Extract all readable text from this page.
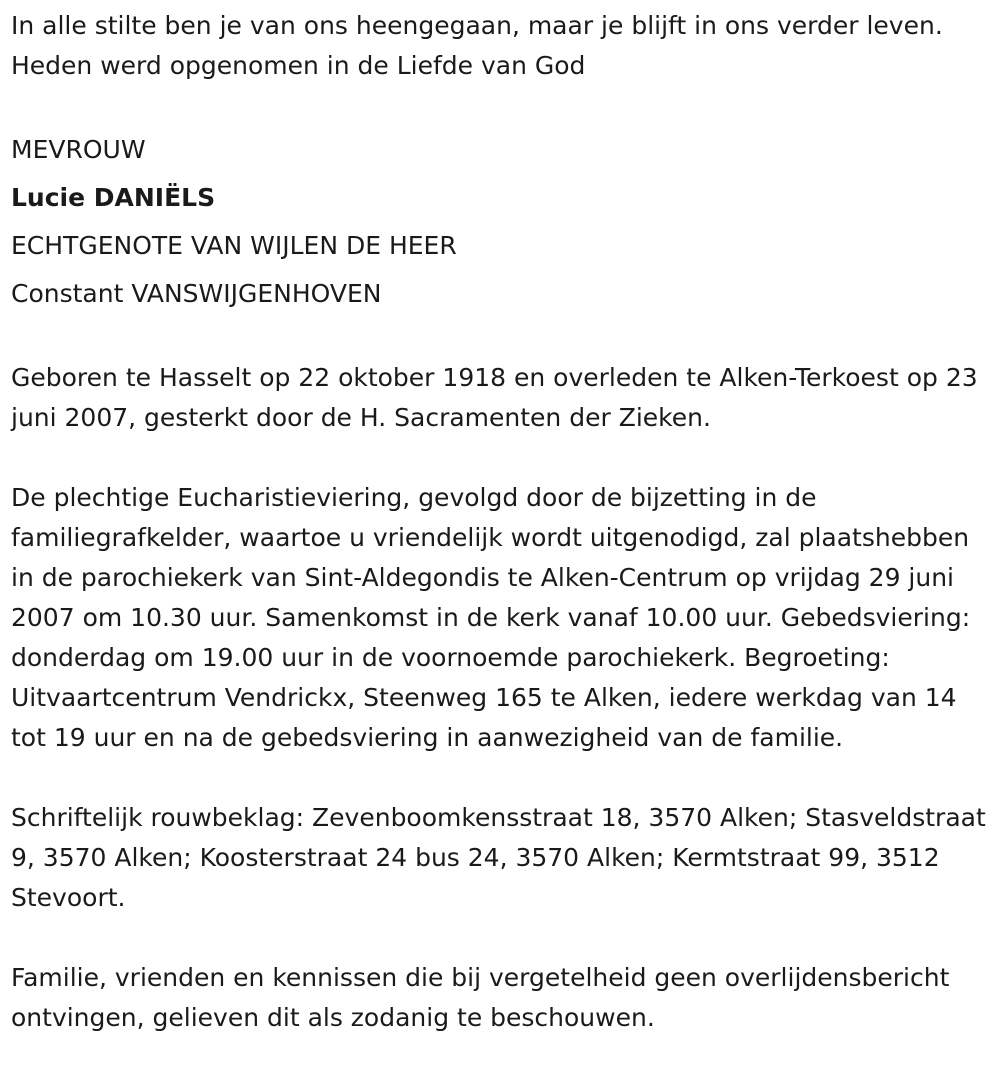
In alle stilte ben je van ons heengegaan, maar je blijft in ons verder leven. Heden werd opgenomen in de Liefde van God

MEVROUW

Lucie DANIËLS

ECHTGENOTE VAN WIJLEN DE HEER

Constant VANSWIJGENHOVEN

Geboren te Hasselt op 22 oktober 1918 en overleden te Alken-Terkoest op 23 juni 2007, gesterkt door de H. Sacramenten der Zieken.

De plechtige Eucharistieviering, gevolgd door de bijzetting in de familiegrafkelder, waartoe u vriendelijk wordt uitgenodigd, zal plaatshebben in de parochiekerk van Sint-Aldegondis te Alken-Centrum op vrijdag 29 juni 2007 om 10.30 uur. Samenkomst in de kerk vanaf 10.00 uur. Gebedsviering: donderdag om 19.00 uur in de voornoemde parochiekerk. Begroeting: Uitvaartcentrum Vendrickx, Steenweg 165 te Alken, iedere werkdag van 14 tot 19 uur en na de gebedsviering in aanwezigheid van de familie.

Schriftelijk rouwbeklag: Zevenboomkensstraat 18, 3570 Alken; Stasveldstraat 9, 3570 Alken; Koosterstraat 24 bus 24, 3570 Alken; Kermtstraat 99, 3512 Stevoort.

Familie, vrienden en kennissen die bij vergetelheid geen overlijdensbericht ontvingen, gelieven dit als zodanig te beschouwen.
